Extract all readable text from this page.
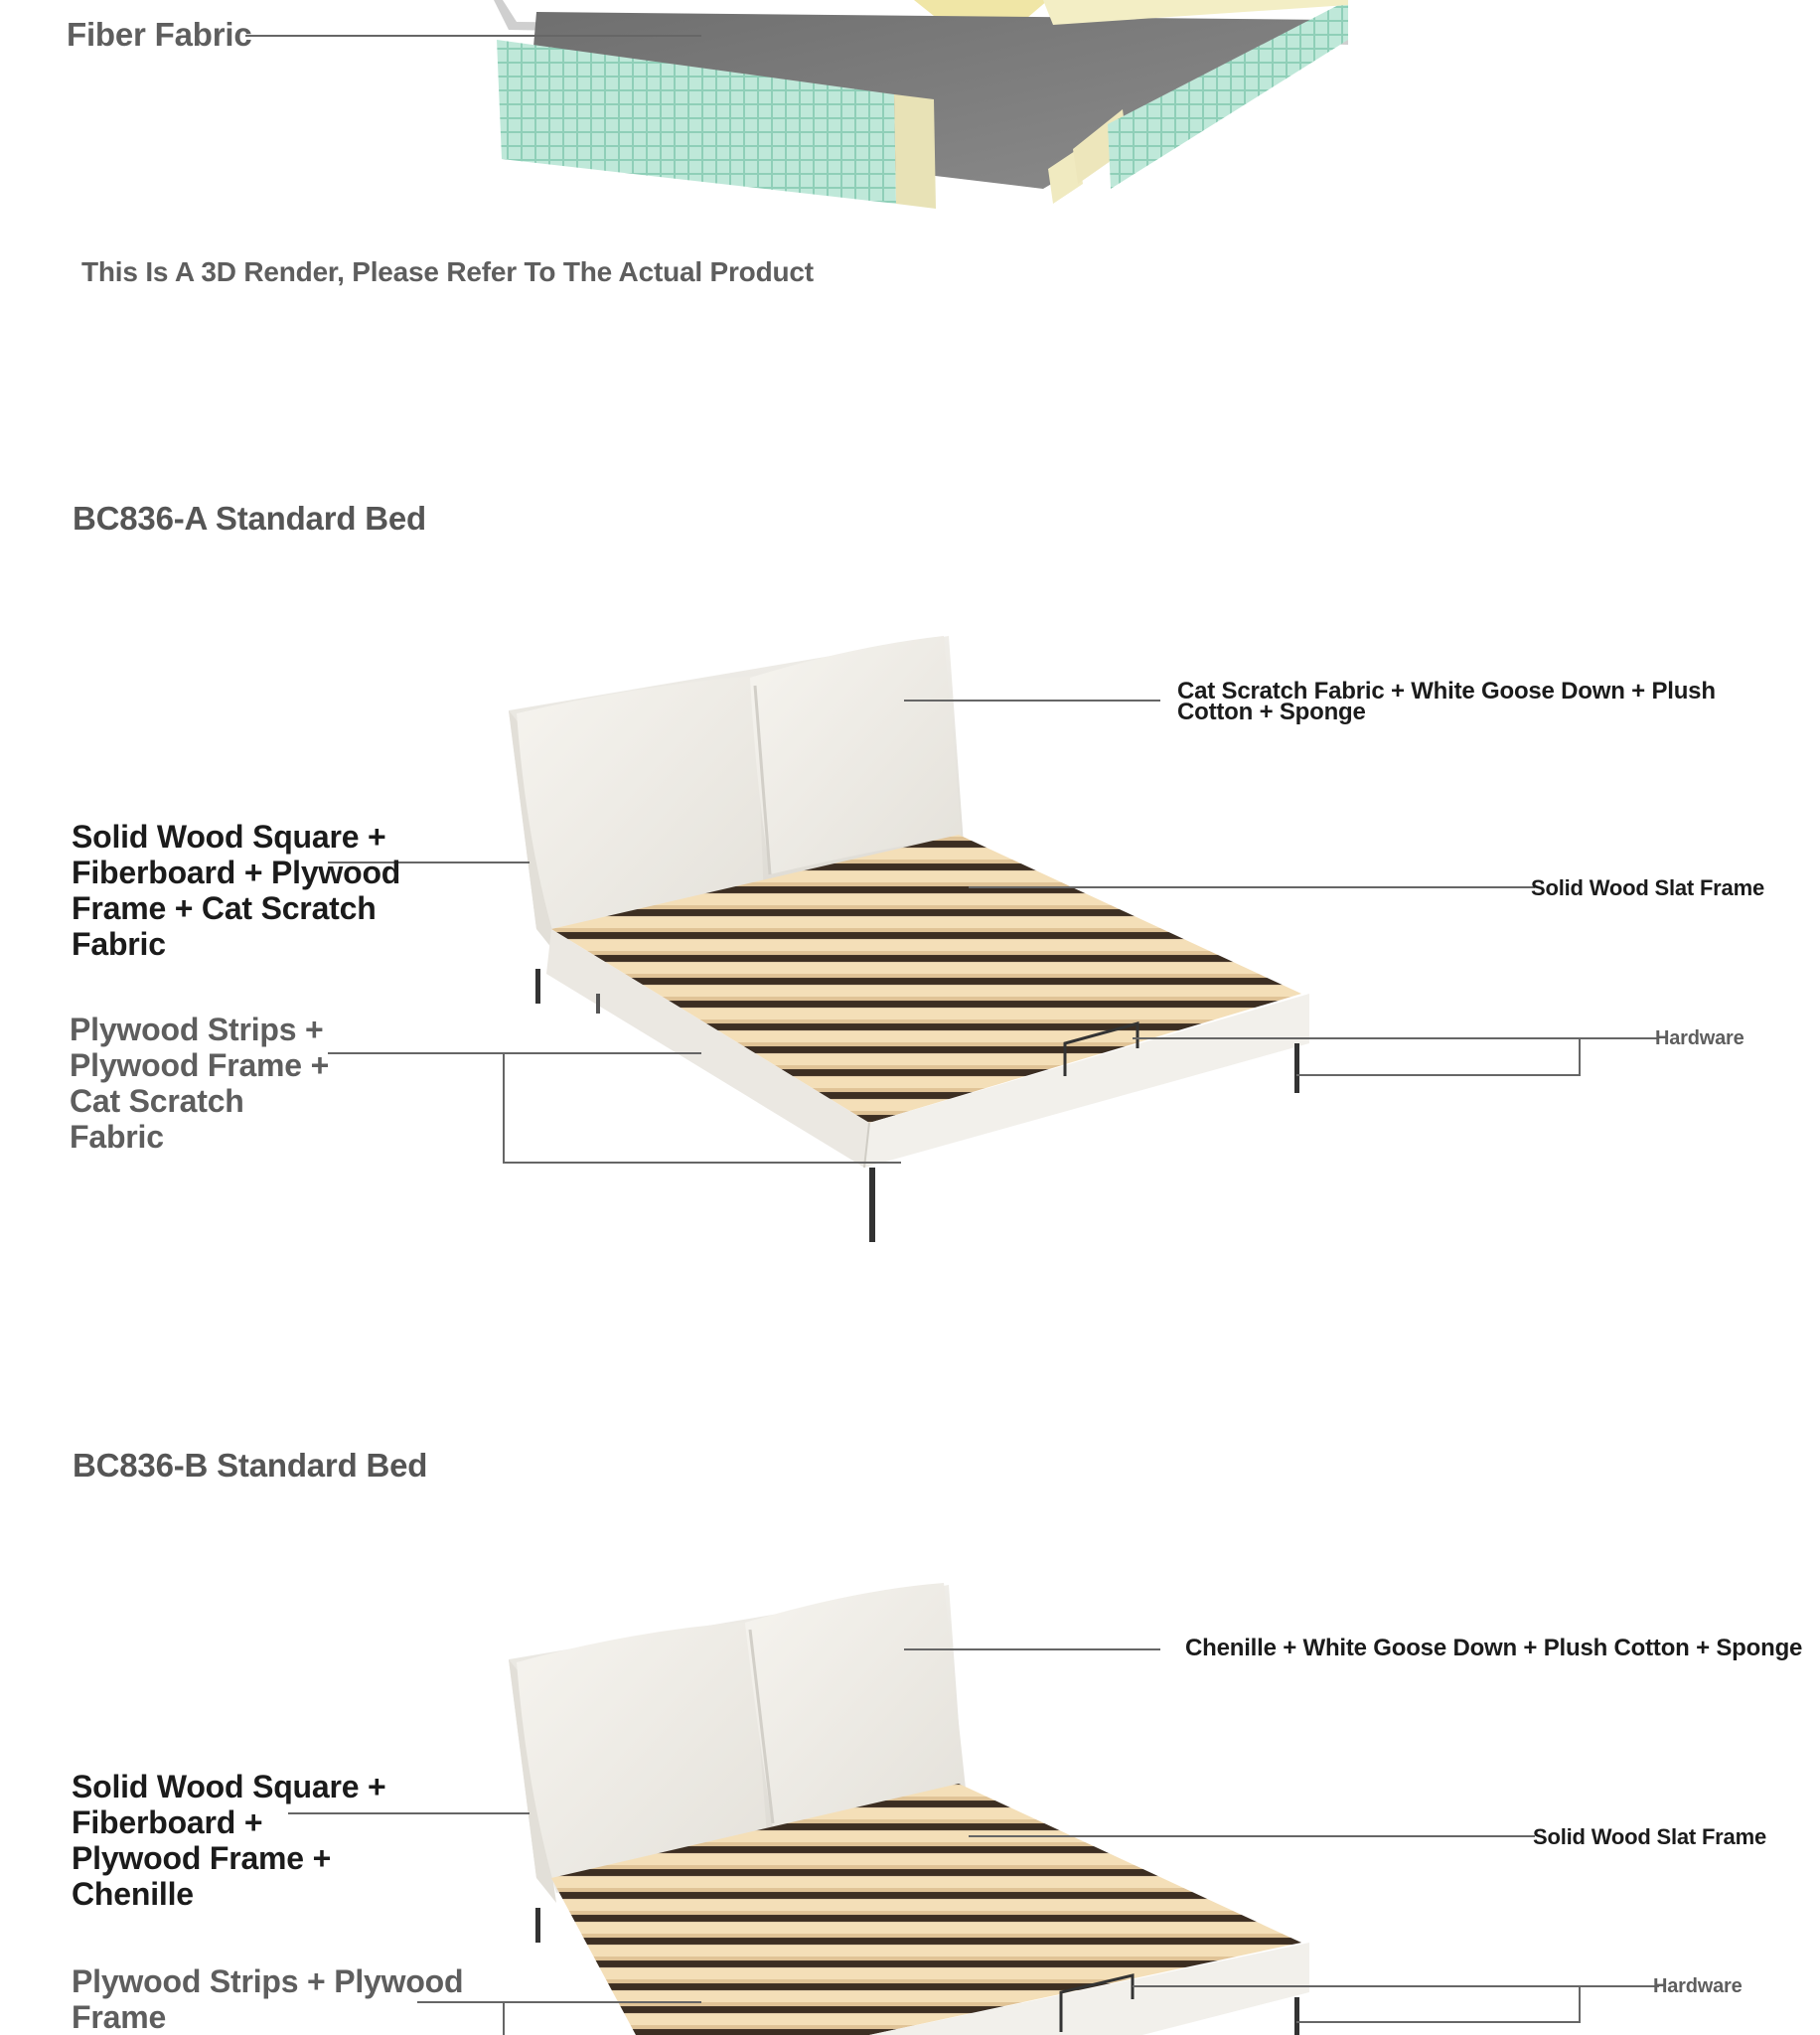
Fiber Fabric

This Is A 3D Render, Please Refer To The Actual Product

BC836-A Standard Bed

Cat Scratch Fabric + White Goose Down + Plush Cotton + Sponge

Solid Wood Square + Fiberboard + Plywood Frame + Cat Scratch Fabric

Solid Wood Slat Frame

Plywood Strips + Plywood Frame + Cat Scratch Fabric

Hardware

BC836-B Standard Bed

Chenille + White Goose Down + Plush Cotton + Sponge

Solid Wood Square + Fiberboard + Plywood Frame + Chenille

Solid Wood Slat Frame

Plywood Strips + Plywood Frame

Hardware
